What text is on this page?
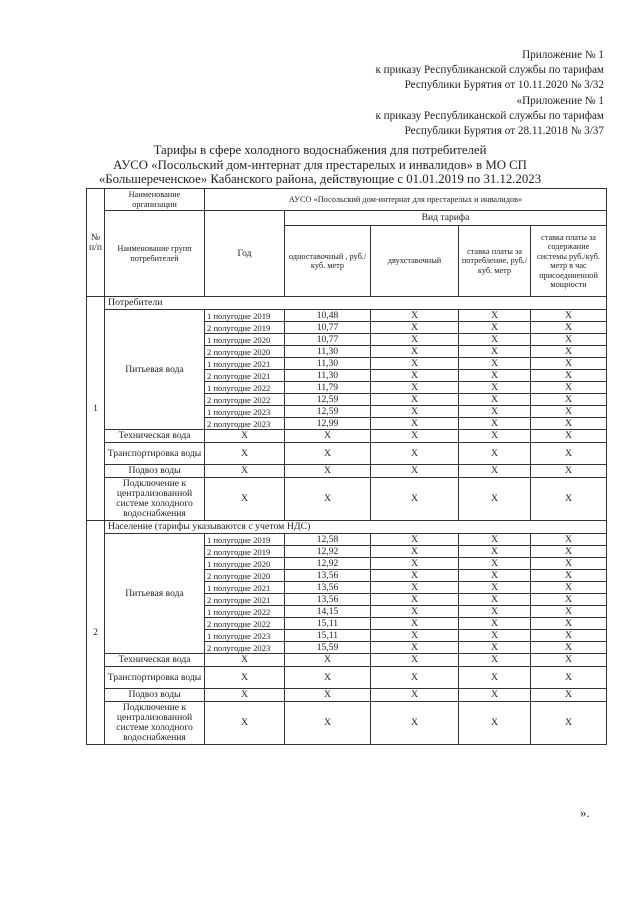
Приложение № 1
к приказу Республиканской службы по тарифам
Республики Бурятия от 10.11.2020 № 3/32
«Приложение № 1
к приказу Республиканской службы по тарифам
Республики Бурятия от 28.11.2018 № 3/37
Тарифы в сфере холодного водоснабжения для потребителей
АУСО «Посольский дом-интернат для престарелых и инвалидов» в МО СП
«Большереченское» Кабанского района, действующие с 01.01.2019 по 31.12.2023
№ п/п	Наименование организации	АУСО «Посольский дом-интернат для престарелых и инвалидов»				
	Наименование групп потребителей	Год	Вид тарифа			
			одноставочный , руб./ куб. метр	двухставочный	ставка платы за потребление, руб./ куб. метр	ставка платы за содержание системы руб./куб. метр в час присоединенной мощности
1	Потребители					
	Питьевая вода	1 полугодие 2019	10,48	X	X	X
		2 полугодие 2019	10,77	X	X	X
		1 полугодие 2020	10,77	X	X	X
		2 полугодие 2020	11,30	X	X	X
		1 полугодие 2021	11,30	X	X	X
		2 полугодие 2021	11,30	X	X	X
		1 полугодие 2022	11,79	X	X	X
		2 полугодие 2022	12,59	X	X	X
		1 полугодие 2023	12,59	X	X	X
		2 полугодие 2023	12,99	X	X	X
	Техническая вода	X	X	X	X	X
	Транспортировка воды	X	X	X	X	X
	Подвоз воды	X	X	X	X	X
	Подключение к централизованной системе холодного водоснабжения	X	X	X	X	X
2	Население (тарифы указываются с учетом НДС)					
	Питьевая вода	1 полугодие 2019	12,58	X	X	X
		2 полугодие 2019	12,92	X	X	X
		1 полугодие 2020	12,92	X	X	X
		2 полугодие 2020	13,56	X	X	X
		1 полугодие 2021	13,56	X	X	X
		2 полугодие 2021	13,56	X	X	X
		1 полугодие 2022	14,15	X	X	X
		2 полугодие 2022	15,11	X	X	X
		1 полугодие 2023	15,11	X	X	X
		2 полугодие 2023	15,59	X	X	X
	Техническая вода	X	X	X	X	X
	Транспортировка воды	X	X	X	X	X
	Подвоз воды	X	X	X	X	X
	Подключение к централизованной системе холодного водоснабжения	X	X	X	X	X
».
